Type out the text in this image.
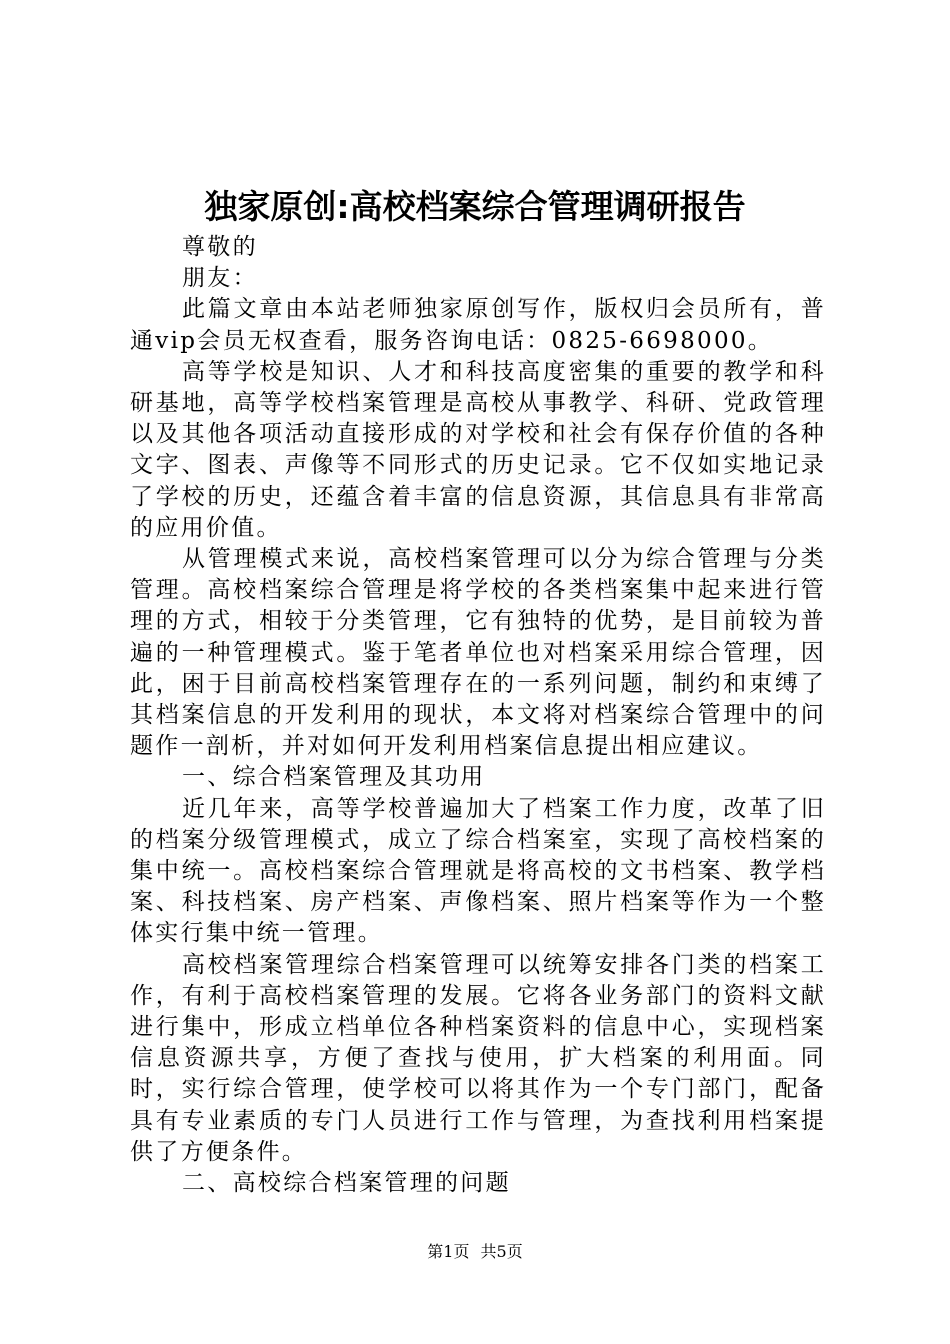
独家原创:高校档案综合管理调研报告

尊敬的

朋友：

此篇文章由本站老师独家原创写作，版权归会员所有，普通vip会员无权查看，服务咨询电话：0825-6698000。

高等学校是知识、人才和科技高度密集的重要的教学和科研基地，高等学校档案管理是高校从事教学、科研、党政管理以及其他各项活动直接形成的对学校和社会有保存价值的各种文字、图表、声像等不同形式的历史记录。它不仅如实地记录了学校的历史，还蕴含着丰富的信息资源，其信息具有非常高的应用价值。

从管理模式来说，高校档案管理可以分为综合管理与分类管理。高校档案综合管理是将学校的各类档案集中起来进行管理的方式，相较于分类管理，它有独特的优势，是目前较为普遍的一种管理模式。鉴于笔者单位也对档案采用综合管理，因此，困于目前高校档案管理存在的一系列问题，制约和束缚了其档案信息的开发利用的现状，本文将对档案综合管理中的问题作一剖析，并对如何开发利用档案信息提出相应建议。

一、综合档案管理及其功用

近几年来，高等学校普遍加大了档案工作力度，改革了旧的档案分级管理模式，成立了综合档案室，实现了高校档案的集中统一。高校档案综合管理就是将高校的文书档案、教学档案、科技档案、房产档案、声像档案、照片档案等作为一个整体实行集中统一管理。

高校档案管理综合档案管理可以统筹安排各门类的档案工作，有利于高校档案管理的发展。它将各业务部门的资料文献进行集中，形成立档单位各种档案资料的信息中心，实现档案信息资源共享，方便了查找与使用，扩大档案的利用面。同时，实行综合管理，使学校可以将其作为一个专门部门，配备具有专业素质的专门人员进行工作与管理，为查找利用档案提供了方便条件。

二、高校综合档案管理的问题

第1页 共5页
